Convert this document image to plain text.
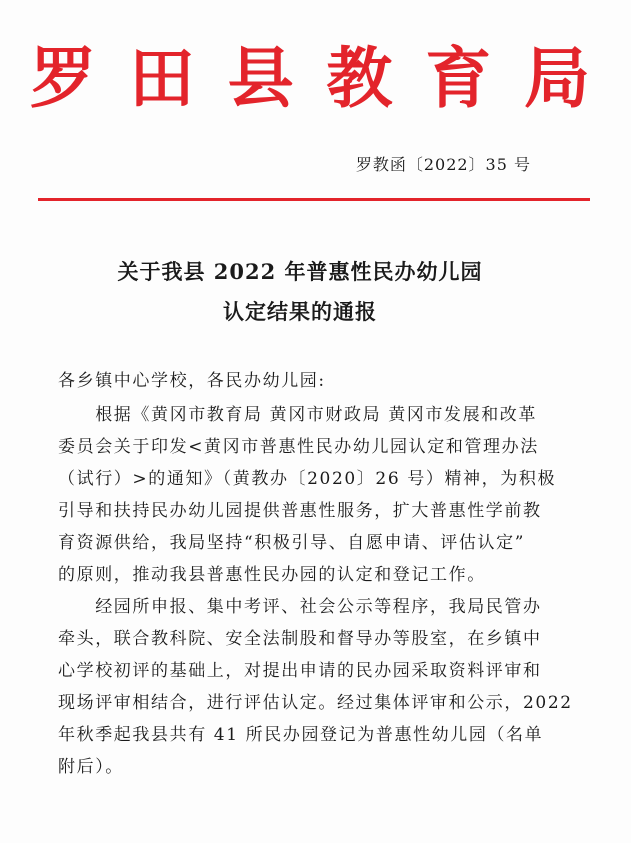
罗 田 县 教 育 局
罗教函〔2022〕35 号
关于我县 2022 年普惠性民办幼儿园
认定结果的通报
各乡镇中心学校，各民办幼儿园:
　　根据《黄冈市教育局 黄冈市财政局 黄冈市发展和改革
委员会关于印发<黄冈市普惠性民办幼儿园认定和管理办法
（试行）>的通知》（黄教办〔2020〕26 号）精神，为积极
引导和扶持民办幼儿园提供普惠性服务，扩大普惠性学前教
育资源供给，我局坚持“积极引导、自愿申请、评估认定”
的原则，推动我县普惠性民办园的认定和登记工作。
　　经园所申报、集中考评、社会公示等程序，我局民管办
牵头，联合教科院、安全法制股和督导办等股室，在乡镇中
心学校初评的基础上，对提出申请的民办园采取资料评审和
现场评审相结合，进行评估认定。经过集体评审和公示，2022
年秋季起我县共有 41 所民办园登记为普惠性幼儿园（名单
附后）。
